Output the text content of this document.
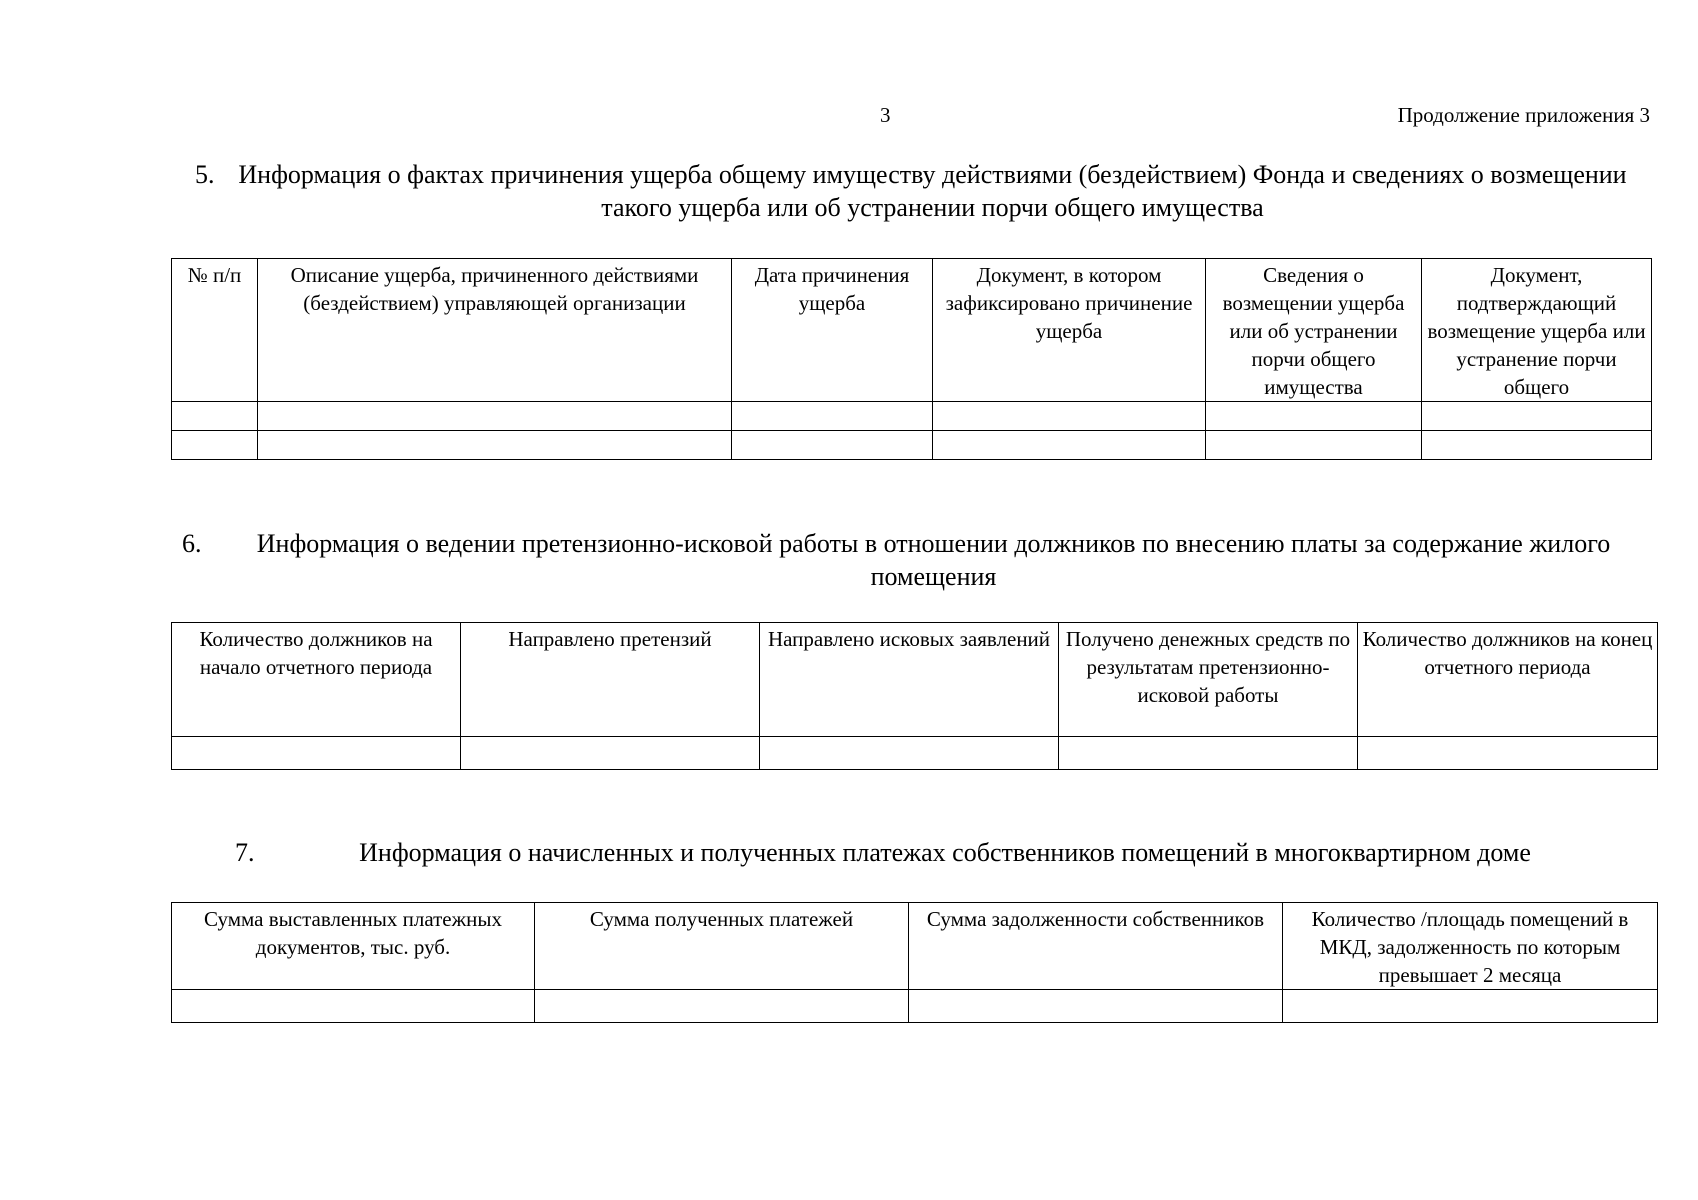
3	Продолжение приложения 3
5. Информация о фактах причинения ущерба общему имуществу действиями (бездействием) Фонда и сведениях о возмещении такого ущерба или об устранении порчи общего имущества
№ п/п	Описание ущерба, причиненного действиями (бездействием) управляющей организации	Дата причинения ущерба	Документ, в котором зафиксировано причинение ущерба	Сведения о возмещении ущерба или об устранении порчи общего имущества	Документ, подтверждающий возмещение ущерба или устранение порчи общего

6.	Информация о ведении претензионно-исковой работы в отношении должников по внесению платы за содержание жилого помещения
Количество должников на начало отчетного периода	Направлено претензий	Направлено исковых заявлений	Получено денежных средств по результатам претензионно-исковой работы	Количество должников на конец отчетного периода

7.	Информация о начисленных и полученных платежах собственников помещений в многоквартирном доме
Сумма выставленных платежных документов, тыс. руб.	Сумма полученных платежей	Сумма задолженности собственников	Количество /площадь помещений в МКД, задолженность по которым превышает 2 месяца
